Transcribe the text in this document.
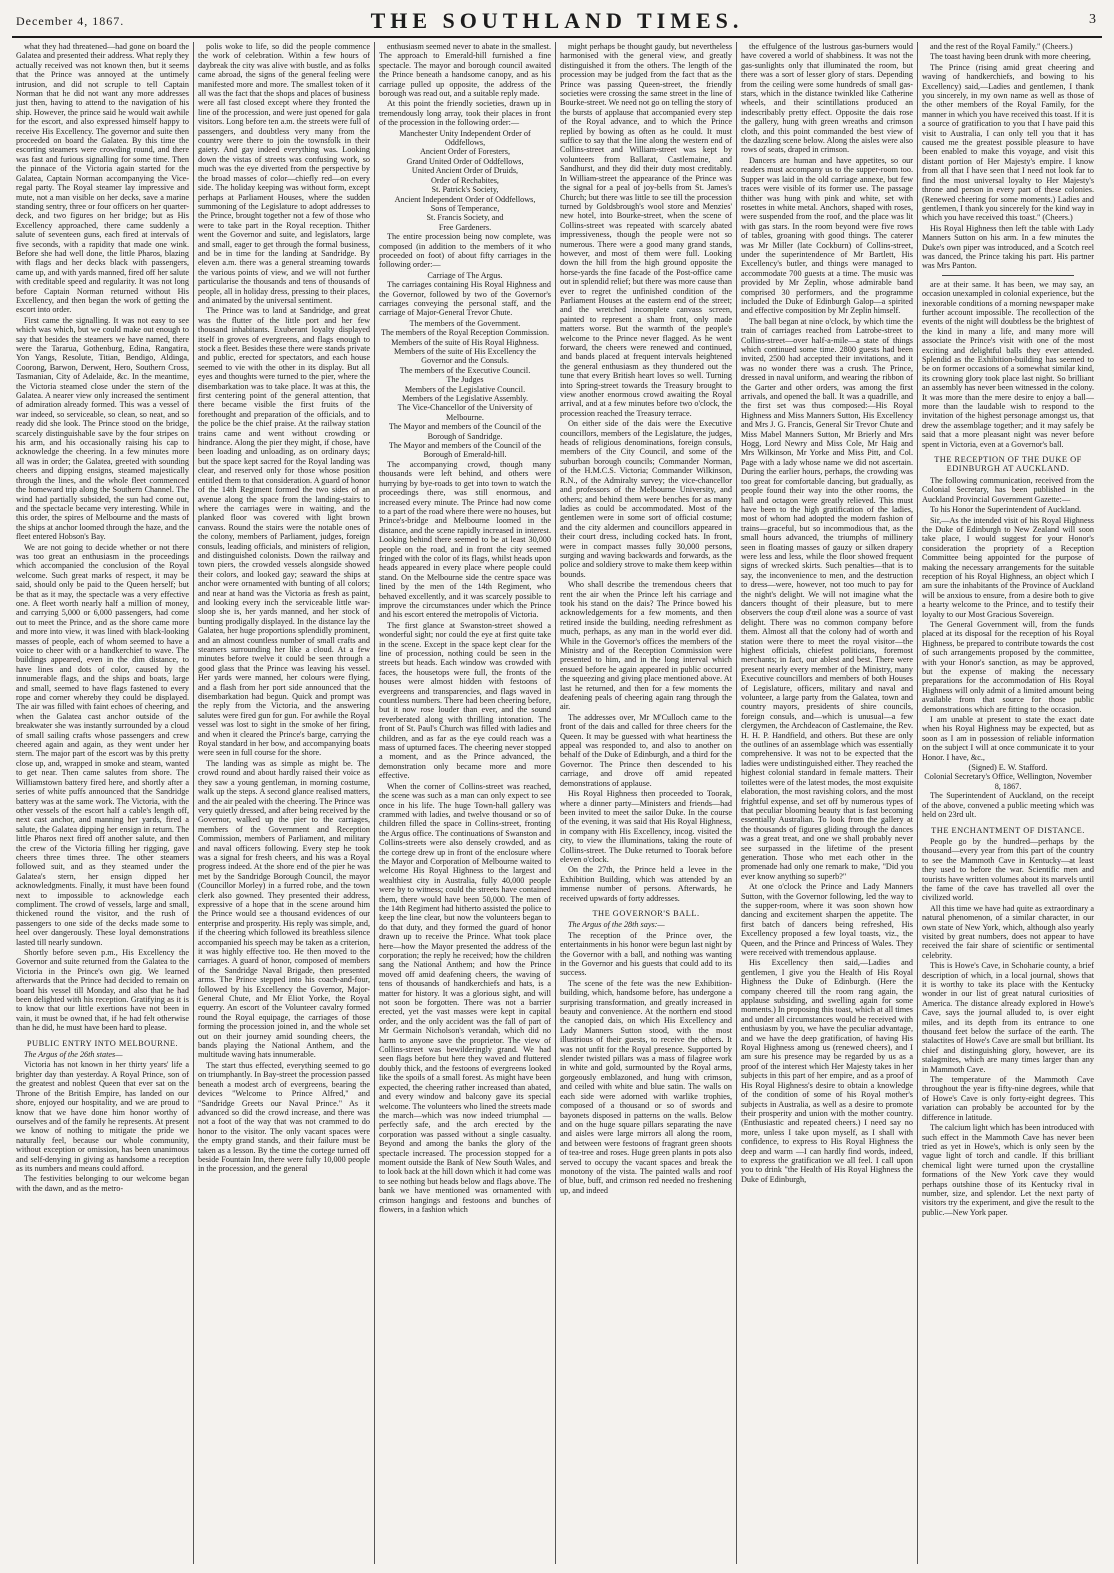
December 4, 1867.	THE SOUTHLAND TIMES.	3

what they had threatened—had gone on board the Galatea and presented their address. What reply they actually received was not known then, but it seems that the Prince was annoyed at the untimely intrusion, and did not scruple to tell Captain Norman that he did not want any more addresses just then, having to attend to the navigation of his ship. However, the prince said he would wait awhile for the escort, and also expressed himself happy to receive His Excellency. The governor and suite then proceeded on board the Galatea. By this time the escorting steamers were crowding round, and there was fast and furious signalling for some time. Then the pinnace of the Victoria again started for the Galatea, Captain Norman accompanying the Vice-regal party. The Royal steamer lay impressive and mute, not a man visible on her decks, save a marine standing sentry, three or four officers on her quarter-deck, and two figures on her bridge; but as His Excellency approached, there came suddenly a salute of seventeen guns, each fired at intervals of five seconds, with a rapidity that made one wink. Before she had well done, the little Pharos, blazing with flags and her decks black with passengers, came up, and with yards manned, fired off her salute with creditable speed and regularity. It was not long before Captain Norman returned without His Excellency, and then began the work of getting the escort into order.

First came the signalling. It was not easy to see which was which, but we could make out enough to say that besides the steamers we have named, there were the Tararua, Gothenburg, Edina, Rangatira, Yon Yangs, Resolute, Titian, Bendigo, Aldinga, Coorong, Barwon, Derwent, Hero, Southern Cross, Tasmanian, City of Adelaide, &c. In the meantime, the Victoria steamed close under the stern of the Galatea. A nearer view only increased the sentiment of admiration already formed. This was a vessel of war indeed, so serviceable, so clean, so neat, and so ready did she look. The Prince stood on the bridge, scarcely distinguishable save by the four stripes on his arm, and his occasionally raising his cap to acknowledge the cheering. In a few minutes more all was in order; the Galatea, greeted with sounding cheers and dipping ensigns, steamed majestically through the lines, and the whole fleet commenced the homeward trip along the Southern Channel. The wind had partially subsided, the sun had come out, and the spectacle became very interesting. While in this order, the spires of Melbourne and the masts of the ships at anchor loomed through the haze, and the fleet entered Hobson's Bay.

We are not going to decide whether or not there was too great an enthusiasm in the proceedings which accompanied the conclusion of the Royal welcome. Such great marks of respect, it may be said, should only be paid to the Queen herself; but be that as it may, the spectacle was a very effective one. A fleet worth nearly half a million of money, and carrying 5,000 or 6,000 passengers, had come out to meet the Prince, and as the shore came more and more into view, it was lined with black-looking masses of people, each of whom seemed to have a voice to cheer with or a handkerchief to wave. The buildings appeared, even in the dim distance, to have lines and dots of color, caused by the innumerable flags, and the ships and boats, large and small, seemed to have flags fastened to every rope and corner whereby they could be displayed. The air was filled with faint echoes of cheering, and when the Galatea cast anchor outside of the breakwater she was instantly surrounded by a cloud of small sailing crafts whose passengers and crew cheered again and again, as they went under her stern. The major part of the escort was by this pretty close up, and, wrapped in smoke and steam, wanted to get near. Then came salutes from shore. The Williamstown battery fired here, and shortly after a series of white puffs announced that the Sandridge battery was at the same work. The Victoria, with the other vessels of the escort half a cable's length off, next cast anchor, and manning her yards, fired a salute, the Galatea dipping her ensign in return. The little Pharos next fired off another salute, and then the crew of the Victoria filling her rigging, gave cheers three times three. The other steamers followed suit, and as they steamed under the Galatea's stern, her ensign dipped her acknowledgments. Finally, it must have been found next to impossible to acknowledge each compliment. The crowd of vessels, large and small, thickened round the visitor, and the rush of passengers to one side of the decks made some to heel over dangerously. These loyal demonstrations lasted till nearly sundown.

Shortly before seven p.m., His Excellency the Governor and suite returned from the Galatea to the Victoria in the Prince's own gig. We learned afterwards that the Prince had decided to remain on board his vessel till Monday, and also that he had been delighted with his reception. Gratifying as it is to know that our little exertions have not been in vain, it must be owned that, if he had felt otherwise than he did, he must have been hard to please.

PUBLIC ENTRY INTO MELBOURNE.

The Argus of the 26th states—

Victoria has not known in her thirty years' life a brighter day than yesterday. A Royal Prince, son of the greatest and noblest Queen that ever sat on the Throne of the British Empire, has landed on our shore, enjoyed our hospitality, and we are proud to know that we have done him honor worthy of ourselves and of the family he represents. At present we know of nothing to mitigate the pride we naturally feel, because our whole community, without exception or omission, has been unanimous and self-denying in giving as handsome a reception as its numbers and means could afford.

The festivities belonging to our welcome began with the dawn, and as the metro-

polis woke to life, so did the people commence the work of celebration. Within a few hours of daybreak the city was alive with bustle, and as folks came abroad, the signs of the general feeling were manifested more and more. The smallest token of it all was the fact that the shops and places of business were all fast closed except where they fronted the line of the procession, and were just opened for gala visitors. Long before ten a.m. the streets were full of passengers, and doubtless very many from the country were there to join the townsfolk in their gaiety. And gay indeed everything was. Looking down the vistas of streets was confusing work, so much was the eye diverted from the perspective by the broad masses of color—chiefly red—on every side. The holiday keeping was without form, except perhaps at Parliament Houses, where the sudden summoning of the Legislature to adopt addresses to the Prince, brought together not a few of those who were to take part in the Royal reception. Thither went the Governor and suite, and legislators, large and small, eager to get through the formal business, and be in time for the landing at Sandridge. By eleven a.m. there was a general streaming towards the various points of view, and we will not further particularise the thousands and tens of thousands of people, all in holiday dress, pressing to their places, and animated by the universal sentiment.

The Prince was to land at Sandridge, and great was the flutter of the little port and her few thousand inhabitants. Exuberant loyalty displayed itself in groves of evergreens, and flags enough to stock a fleet. Besides these there were stands private and public, erected for spectators, and each house seemed to vie with the other in its display. But all eyes and thoughts were turned to the pier, where the disembarkation was to take place. It was at this, the first centering point of the general attention, that there became visible the first fruits of the forethought and preparation of the officials, and to the police be the chief praise. At the railway station trains came and went without crowding or hindrance. Along the pier they might, if chose, have been loading and unloading, as on ordinary days; but the space kept sacred for the Royal landing was clear, and reserved only for those whose position entitled them to that consideration. A guard of honor of the 14th Regiment formed the two sides of an avenue along the space from the landing-stairs to where the carriages were in waiting, and the planked floor was covered with light brown canvass. Round the stairs were the notable ones of the colony, members of Parliament, judges, foreign consuls, leading officials, and ministers of religion, and distinguished colonists. Down the railway and town piers, the crowded vessels alongside showed their colors, and looked gay; seaward the ships at anchor were ornamented with bunting of all colors; and near at hand was the Victoria as fresh as paint, and looking every inch the serviceable little war-sloop she is, her yards manned, and her stock of bunting prodigally displayed. In the distance lay the Galatea, her huge proportions splendidly prominent, and an almost countless number of small crafts and steamers surrounding her like a cloud. At a few minutes before twelve it could be seen through a good glass that the Prince was leaving his vessel. Her yards were manned, her colours were flying, and a flash from her port side announced that the disembarkation had begun. Quick and prompt was the reply from the Victoria, and the answering salutes were fired gun for gun. For awhile the Royal vessel was lost to sight in the smoke of her firing, and when it cleared the Prince's barge, carrying the Royal standard in her bow, and accompanying boats were seen in full course for the shore.

The landing was as simple as might be. The crowd round and about hardly raised their voice as they saw a young gentleman, in morning costume, walk up the steps. A second glance realised matters, and the air pealed with the cheering. The Prince was very quietly dressed, and after being received by the Governor, walked up the pier to the carriages, members of the Government and Reception Commission, members of Parliament, and military and naval officers following. Every step he took was a signal for fresh cheers, and his was a Royal progress indeed. At the shore end of the pier he was met by the Sandridge Borough Council, the mayor (Councillor Morley) in a furred robe, and the town clerk also gowned. They presented their address, expressive of a hope that in the scene around him the Prince would see a thousand evidences of our enterprise and prosperity. His reply was simple, and, if the cheering which followed its breathless silence accompanied his speech may be taken as a criterion, it was highly effective too. He then moved to the carriages. A guard of honor, composed of members of the Sandridge Naval Brigade, then presented arms. The Prince stepped into his coach-and-four, followed by his Excellency the Governor, Major-General Chute, and Mr Eliot Yorke, the Royal equerry. An escort of the Volunteer cavalry formed round the Royal equipage, the carriages of those forming the procession joined in, and the whole set out on their journey amid sounding cheers, the bands playing the National Anthem, and the multitude waving hats innumerable.

The start thus effected, everything seemed to go on triumphantly. In Bay-street the procession passed beneath a modest arch of evergreens, bearing the devices "Welcome to Prince Alfred," and "Sandridge Greets our Naval Prince." As it advanced so did the crowd increase, and there was not a foot of the way that was not crammed to do honor to the visitor. The only vacant spaces were the empty grand stands, and their failure must be taken as a lesson. By the time the cortege turned off beside Fountain Inn, there were fully 10,000 people in the procession, and the general

enthusiasm seemed never to abate in the smallest. The approach to Emerald-hill furnished a fine spectacle. The mayor and borough council awaited the Prince beneath a handsome canopy, and as his carriage pulled up opposite, the address of the borough was read out, and a suitable reply made.

At this point the friendly societies, drawn up in tremendously long array, took their places in front of the procession in the following order:—

Manchester Unity Independent Order of Oddfellows,

Ancient Order of Foresters,

Grand United Order of Oddfellows,

United Ancient Order of Druids,

Order of Rechabites,

St. Patrick's Society,

Ancient Independent Order of Oddfellows,

Sons of Temperance,

St. Francis Society, and

Free Gardeners.

The entire procession being now complete, was composed (in addition to the members of it who proceeded on foot) of about fifty carriages in the following order:—

Carriage of The Argus.

The carriages containing His Royal Highness and the Governor, followed by two of the Governor's carriages conveying the personal staff, and the carriage of Major-General Trevor Chute.

The members of the Government.

The members of the Royal Reception Commission.

Members of the suite of His Royal Highness.

Members of the suite of His Excellency the Governor and the Consuls.

The members of the Executive Council.

The Judges

Members of the Legislative Council.

Members of the Legislative Assembly.

The Vice-Chancellor of the University of Melbourne.

The Mayor and members of the Council of the Borough of Sandridge.

The Mayor and members of the Council of the Borough of Emerald-hill.

The accompanying crowd, though many thousands were left behind, and others were hurrying by bye-roads to get into town to watch the proceedings there, was still enormous, and increased every minute. The Prince had now come to a part of the road where there were no houses, but Prince's-bridge and Melbourne loomed in the distance, and the scene rapidly increased in interest. Looking behind there seemed to be at least 30,000 people on the road, and in front the city seemed fringed with the color of its flags, whilst heads upon heads appeared in every place where people could stand. On the Melbourne side the centre space was lined by the men of the 14th Regiment, who behaved excellently, and it was scarcely possible to improve the circumstances under which the Prince and his escort entered the metropolis of Victoria.

The first glance at Swanston-street showed a wonderful sight; nor could the eye at first quite take in the scene. Except in the space kept clear for the line of procession, nothing could be seen in the streets but heads. Each window was crowded with faces, the housetops were full, the fronts of the houses were almost hidden with festoons of evergreens and transparencies, and flags waved in countless numbers. There had been cheering before, but it now rose louder than ever, and the sound reverberated along with thrilling intonation. The front of St. Paul's Church was filled with ladies and children, and as far as the eye could reach was a mass of upturned faces. The cheering never stopped a moment, and as the Prince advanced, the demonstration only became more and more effective.

When the corner of Collins-street was reached, the scene was such as a man can only expect to see once in his life. The huge Town-hall gallery was crammed with ladies, and twelve thousand or so of children filled the space in Collins-street, fronting the Argus office. The continuations of Swanston and Collins-streets were also densely crowded, and as the cortege drew up in front of the enclosure where the Mayor and Corporation of Melbourne waited to welcome His Royal Highness to the largest and wealthiest city in Australia, fully 40,000 people were by to witness; could the streets have contained them, there would have been 50,000. The men of the 14th Regiment had hitherto assisted the police to keep the line clear, but now the volunteers began to do that duty, and they formed the guard of honor drawn up to receive the Prince. What took place here—how the Mayor presented the address of the corporation; the reply he received; how the children sang the National Anthem; and how the Prince moved off amid deafening cheers, the waving of tens of thousands of handkerchiefs and hats, is a matter for history. It was a glorious sight, and will not soon be forgotten. There was not a barrier erected, yet the vast masses were kept in capital order, and the only accident was the fall of part of Mr Germain Nicholson's verandah, which did no harm to anyone save the proprietor. The view of Collins-street was bewilderingly grand. We had seen flags before but here they waved and fluttered doubly thick, and the festoons of evergreens looked like the spoils of a small forest. As might have been expected, the cheering rather increased than abated, and every window and balcony gave its special welcome. The volunteers who lined the streets made the march—which was now indeed triumphal —perfectly safe, and the arch erected by the corporation was passed without a single casualty. Beyond and among the banks the glory of the spectacle increased. The procession stopped for a moment outside the Bank of New South Wales, and to look back at the hill down which it had come was to see nothing but heads below and flags above. The bank we have mentioned was ornamented with crimson hangings and festoons and bunches of flowers, in a fashion which

might perhaps be thought gaudy, but nevertheless harmonised with the general view, and greatly distinguished it from the others. The length of the procession may be judged from the fact that as the Prince was passing Queen-street, the friendly societies were crossing the same street in the line of Bourke-street. We need not go on telling the story of the bursts of applause that accompanied every step of the Royal advance, and to which the Prince replied by bowing as often as he could. It must suffice to say that the line along the western end of Collins-street and William-street was kept by volunteers from Ballarat, Castlemaine, and Sandhurst, and they did their duty most creditably. In William-street the appearance of the Prince was the signal for a peal of joy-bells from St. James's Church; but there was little to see till the procession turned by Goldsbrough's wool store and Menzies' new hotel, into Bourke-street, when the scene of Collins-street was repeated with scarcely abated impressiveness, though the people were not so numerous. There were a good many grand stands, however, and most of them were full. Looking down the hill from the high ground opposite the horse-yards the fine facade of the Post-office came out in splendid relief; but there was more cause than ever to regret the unfinished condition of the Parliament Houses at the eastern end of the street; and the wretched incomplete canvass screen, painted to represent a sham front, only made matters worse. But the warmth of the people's welcome to the Prince never flagged. As he went forward, the cheers were renewed and continued, and bands placed at frequent intervals heightened the general enthusiasm as they thundered out the tune that every British heart loves so well. Turning into Spring-street towards the Treasury brought to view another enormous crowd awaiting the Royal arrival, and at a few minutes before two o'clock, the procession reached the Treasury terrace.

On either side of the dais were the Executive councillors, members of the Legislature, the judges, heads of religious denominations, foreign consuls, members of the City Council, and some of the suburban borough councils; Commander Norman, of the H.M.C.S. Victoria; Commander Wilkinson, R.N., of the Admiralty survey; the vice-chancellor and professors of the Melbourne University, and others; and behind them were benches for as many ladies as could be accommodated. Most of the gentlemen were in some sort of official costume; and the city aldermen and councillors appeared in their court dress, including cocked hats. In front, were in compact masses fully 30,000 persons, surging and waving backwards and forwards, as the police and soldiery strove to make them keep within bounds.

Who shall describe the tremendous cheers that rent the air when the Prince left his carriage and took his stand on the dais? The Prince bowed his acknowledgements for a few moments, and then retired inside the building, needing refreshment as much, perhaps, as any man in the world ever did. While in the Governor's offices the members of the Ministry and of the Reception Commission were presented to him, and in the long interval which ensued before he again appeared in public occurred the squeezing and giving place mentioned above. At last he returned, and then for a few moments the deafening peals of cheering again rang through the air.

The addresses over, Mr M'Culloch came to the front of the dais and called for three cheers for the Queen. It may be guessed with what heartiness the appeal was responded to, and also to another on behalf of the Duke of Edinburgh, and a third for the Governor. The Prince then descended to his carriage, and drove off amid repeated demonstrations of applause.

His Royal Highness then proceeded to Toorak, where a dinner party—Ministers and friends—had been invited to meet the sailor Duke. In the course of the evening, it was said that His Royal Highness, in company with His Excellency, incog. visited the city, to view the illuminations, taking the route of Collins-street. The Duke returned to Toorak before eleven o'clock.

On the 27th, the Prince held a levee in the Exhibition Building, which was attended by an immense number of persons. Afterwards, he received upwards of forty addresses.

THE GOVERNOR'S BALL.

The Argus of the 28th says:—

The reception of the Prince over, the entertainments in his honor were begun last night by the Governor with a ball, and nothing was wanting in the Governor and his guests that could add to its success.

The scene of the fete was the new Exhibition-building, which, handsome before, has undergone a surprising transformation, and greatly increased in beauty and convenience. At the northern end stood the canopied dais, on which His Excellency and Lady Manners Sutton stood, with the most illustrious of their guests, to receive the others. It was not unfit for the Royal presence. Supported by slender twisted pillars was a mass of filagree work in white and gold, surmounted by the Royal arms, gorgeously emblazoned, and hung with crimson, and ceiled with white and blue satin. The walls on each side were adorned with warlike trophies, composed of a thousand or so of swords and bayonets disposed in patterns on the walls. Below and on the huge square pillars separating the nave and aisles were large mirrors all along the room, and between were festoons of fragrant green shoots of tea-tree and roses. Huge green plants in pots also served to occupy the vacant spaces and break the monotony of the vista. The painted walls and roof of blue, buff, and crimson red needed no freshening up, and indeed

the effulgence of the lustrous gas-burners would have covered a world of shabbiness. It was not the gas-sunlights only that illuminated the room, but there was a sort of lesser glory of stars. Depending from the ceiling were some hundreds of small gas-stars, which in the distance twinkled like Catherine wheels, and their scintillations produced an indescribably pretty effect. Opposite the dais rose the gallery, hung with green wreaths and crimson cloth, and this point commanded the best view of the dazzling scene below. Along the aisles were also rows of seats, draped in crimson.

Dancers are human and have appetites, so our readers must accompany us to the supper-room too. Supper was laid in the old carriage annexe, but few traces were visible of its former use. The passage thither was hung with pink and white, set with rosettes in white metal. Anchors, shaped with roses, were suspended from the roof, and the place was lit with gas stars. In the room beyond were five rows of tables, groaning with good things. The caterer was Mr Miller (late Cockburn) of Collins-street, under the superintendence of Mr Bartlett, His Excellency's butler, and things were managed to accommodate 700 guests at a time. The music was provided by Mr Zeplin, whose admirable band comprised 30 performers, and the programme included the Duke of Edinburgh Galop—a spirited and effective composition by Mr Zeplin himself.

The ball began at nine o'clock, by which time the train of carriages reached from Latrobe-street to Collins-street—over half-a-mile—a state of things which continued some time. 2800 guests had been invited, 2500 had accepted their invitations, and it was no wonder there was a crush. The Prince, dressed in naval uniform, and wearing the ribbon of the Garter and other orders, was among the first arrivals, and opened the ball. It was a quadrille, and the first set was thus composed:—His Royal Highness and Miss Manners Sutton, His Excellency and Mrs J. G. Francis, General Sir Trevor Chute and Miss Mabel Manners Sutton, Mr Brierly and Mrs Hogg, Lord Newry and Miss Cole, Mr Haig and Mrs Wilkinson, Mr Yorke and Miss Pitt, and Col. Page with a lady whose name we did not ascertain. During the earlier hours, perhaps, the crowding was too great for comfortable dancing, but gradually, as people found their way into the other rooms, the hall and octagon were greatly relieved. This must have been to the high gratification of the ladies, most of whom had adopted the modern fashion of trains—graceful, but so incommodious that, as the small hours advanced, the triumphs of millinery seen in floating masses of gauzy or silken drapery were less and less, while the floor showed frequent signs of wrecked skirts. Such penalties—that is to say, the inconvenience to men, and the destruction to dress—were, however, not too much to pay for the night's delight. We will not imagine what the dancers thought of their pleasure, but to mere observers the coup d'œil alone was a source of vast delight. There was no common company before them. Almost all that the colony had of worth and station were there to meet the royal visitor—the highest officials, chiefest politicians, foremost merchants; in fact, our ablest and best. There were present nearly every member of the Ministry, many Executive councillors and members of both Houses of Legislature, officers, military and naval and volunteer, a large party from the Galatea, town and country mayors, presidents of shire councils, foreign consuls, and—which is unusual—a few clergymen, the Archdeacon of Castlemaine, the Rev. H. H. P. Handfield, and others. But these are only the outlines of an assemblage which was essentially comprehensive. It was not to be expected that the ladies were undistinguished either. They reached the highest colonial standard in female matters. Their toilettes were of the latest modes, the most exquisite elaboration, the most ravishing colors, and the most frightful expense, and set off by numerous types of that peculiar blooming beauty that is fast becoming essentially Australian. To look from the gallery at the thousands of figures gliding through the dances was a great treat, and one we shall probably never see surpassed in the lifetime of the present generation. Those who met each other in the promenade had only one remark to make, "Did you ever know anything so superb?"

At one o'clock the Prince and Lady Manners Sutton, with the Governor following, led the way to the supper-room, where it was soon shown how dancing and excitement sharpen the appetite. The first batch of dancers being refreshed, His Excellency proposed a few loyal toasts, viz., the Queen, and the Prince and Princess of Wales. They were received with tremendous applause.

His Excellency then said,—Ladies and gentlemen, I give you the Health of His Royal Highness the Duke of Edinburgh. (Here the company cheered till the room rang again, the applause subsiding, and swelling again for some moments.) In proposing this toast, which at all times and under all circumstances would be received with enthusiasm by you, we have the peculiar advantage, and we have the deep gratification, of having His Royal Highness among us (renewed cheers), and I am sure his presence may be regarded by us as a proof of the interest which Her Majesty takes in her subjects in this part of her empire, and as a proof of His Royal Highness's desire to obtain a knowledge of the condition of some of his Royal mother's subjects in Australia, as well as a desire to promote their prosperity and union with the mother country. (Enthusiastic and repeated cheers.) I need say no more, unless I take upon myself, as I shall with confidence, to express to His Royal Highness the deep and warm —I can hardly find words, indeed, to express the gratification we all feel. I call upon you to drink "the Health of His Royal Highness the Duke of Edinburgh,

and the rest of the Royal Family." (Cheers.)

The toast having been drunk with more cheering,

The Prince (rising amid great cheering and waving of handkerchiefs, and bowing to his Excellency) said,—Ladies and gentlemen, I thank you sincerely, in my own name as well as those of the other members of the Royal Family, for the manner in which you have received this toast. If it is a source of gratification to you that I have paid this visit to Australia, I can only tell you that it has caused me the greatest possible pleasure to have been enabled to make this voyage, and visit this distant portion of Her Majesty's empire. I know from all that I have seen that I need not look far to find the most universal loyalty to Her Majesty's throne and person in every part of these colonies. (Renewed cheering for some moments.) Ladies and gentlemen, I thank you sincerely for the kind way in which you have received this toast." (Cheers.)

His Royal Highness then left the table with Lady Manners Sutton on his arm. In a few minutes the Duke's own piper was introduced, and a Scotch reel was danced, the Prince taking his part. His partner was Mrs Panton.

are at their same. It has been, we may say, an occasion unexampled in colonial experience, but the inexorable conditions of a morning newspaper make further account impossible. The recollection of the events of the night will doubtless be the brightest of the kind in many a life, and many more will associate the Prince's visit with one of the most exciting and delightful balls they ever attended. Splendid as the Exhibition-building has seemed to be on former occasions of a somewhat similar kind, its crowning glory took place last night. So brilliant an assembly has never been witnessed in the colony. It was more than the mere desire to enjoy a ball—more than the laudable wish to respond to the invitation of the highest personage amongst us, that drew the assemblage together; and it may safely be said that a more pleasant night was never before spent in Victoria, even at a Governor's ball.

THE RECEPTION OF THE DUKE OF EDINBURGH AT AUCKLAND.

The following communication, received from the Colonial Secretary, has been published in the Auckland Provincial Government Gazette:—

To his Honor the Superintendent of Auckland.

Sir,—As the intended visit of his Royal Highness the Duke of Edinburgh to New Zealand will soon take place, I would suggest for your Honor's consideration the propriety of a Reception Committee being appointed for the purpose of making the necessary arrangements for the suitable reception of his Royal Highness, an object which I am sure the inhabitants of the Province of Auckland will be anxious to ensure, from a desire both to give a hearty welcome to the Prince, and to testify their loyalty to our Most Gracious Sovereign.

The General Government will, from the funds placed at its disposal for the reception of his Royal Highness, be prepared to contribute towards the cost of such arrangements proposed by the committee, with your Honor's sanction, as may be approved, but the expense of making the necessary preparations for the accommodation of His Royal Highness will only admit of a limited amount being available from that source for those public demonstrations which are fitting to the occasion.

I am unable at present to state the exact date when his Royal Highness may be expected, but as soon as I am in possession of reliable information on the subject I will at once communicate it to your Honor. I have, &c.,

(Signed) E. W. Stafford.

Colonial Secretary's Office, Wellington, November 8, 1867.

The Superintendent of Auckland, on the receipt of the above, convened a public meeting which was held on 23rd ult.

THE ENCHANTMENT OF DISTANCE.

People go by the hundred—perhaps by the thousand—every year from this part of the country to see the Mammoth Cave in Kentucky—at least they used to before the war. Scientific men and tourists have written volumes about its marvels until the fame of the cave has travelled all over the civilized world.

All this time we have had quite as extraordinary a natural phenomenon, of a similar character, in our own state of New York, which, although also yearly visited by great numbers, does not appear to have received the fair share of scientific or sentimental celebrity.

This is Howe's Cave, in Schoharie county, a brief description of which, in a local journal, shows that it is worthy to take its place with the Kentucky wonder in our list of great natural curiosities of America. The distance already explored in Howe's Cave, says the journal alluded to, is over eight miles, and its depth from its entrance to one thousand feet below the surface of the earth. The stalactites of Howe's Cave are small but brilliant. Its chief and distinguishing glory, however, are its stalagmites, which are many times larger than any in Mammoth Cave.

The temperature of the Mammoth Cave throughout the year is fifty-nine degrees, while that of Howe's Cave is only forty-eight degrees. This variation can probably be accounted for by the difference in latitude.

The calcium light which has been introduced with such effect in the Mammoth Cave has never been tried as yet in Howe's, which is only seen by the vague light of torch and candle. If this brilliant chemical light were turned upon the crystalline formations of the New York cave they would perhaps outshine those of its Kentucky rival in number, size, and splendor. Let the next party of visitors try the experiment, and give the result to the public.—New York paper.
